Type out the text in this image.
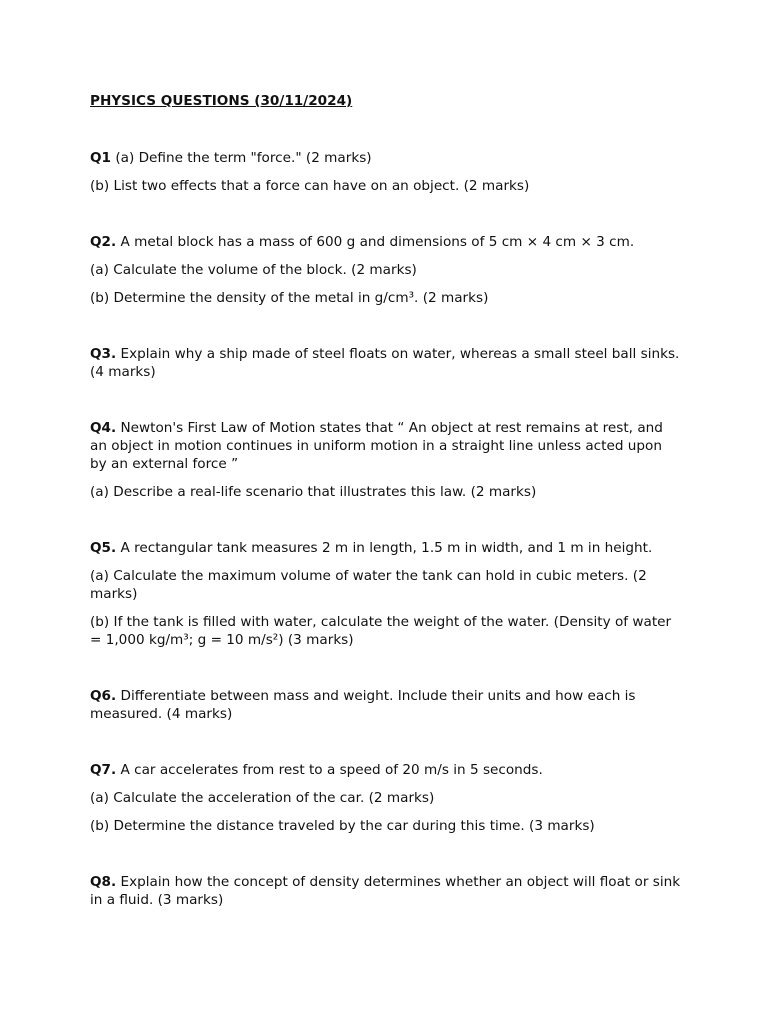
PHYSICS QUESTIONS (30/11/2024)

Q1 (a) Define the term "force." (2 marks)

(b) List two effects that a force can have on an object. (2 marks)

Q2. A metal block has a mass of 600 g and dimensions of 5 cm × 4 cm × 3 cm.

(a) Calculate the volume of the block. (2 marks)

(b) Determine the density of the metal in g/cm³. (2 marks)

Q3. Explain why a ship made of steel floats on water, whereas a small steel ball sinks. (4 marks)

Q4. Newton's First Law of Motion states that “ An object at rest remains at rest, and an object in motion continues in uniform motion in a straight line unless acted upon by an external force ”

(a) Describe a real-life scenario that illustrates this law. (2 marks)

Q5. A rectangular tank measures 2 m in length, 1.5 m in width, and 1 m in height.

(a) Calculate the maximum volume of water the tank can hold in cubic meters. (2 marks)

(b) If the tank is filled with water, calculate the weight of the water. (Density of water = 1,000 kg/m³; g = 10 m/s²) (3 marks)

Q6. Differentiate between mass and weight. Include their units and how each is measured. (4 marks)

Q7. A car accelerates from rest to a speed of 20 m/s in 5 seconds.

(a) Calculate the acceleration of the car. (2 marks)

(b) Determine the distance traveled by the car during this time. (3 marks)

Q8. Explain how the concept of density determines whether an object will float or sink in a fluid. (3 marks)
